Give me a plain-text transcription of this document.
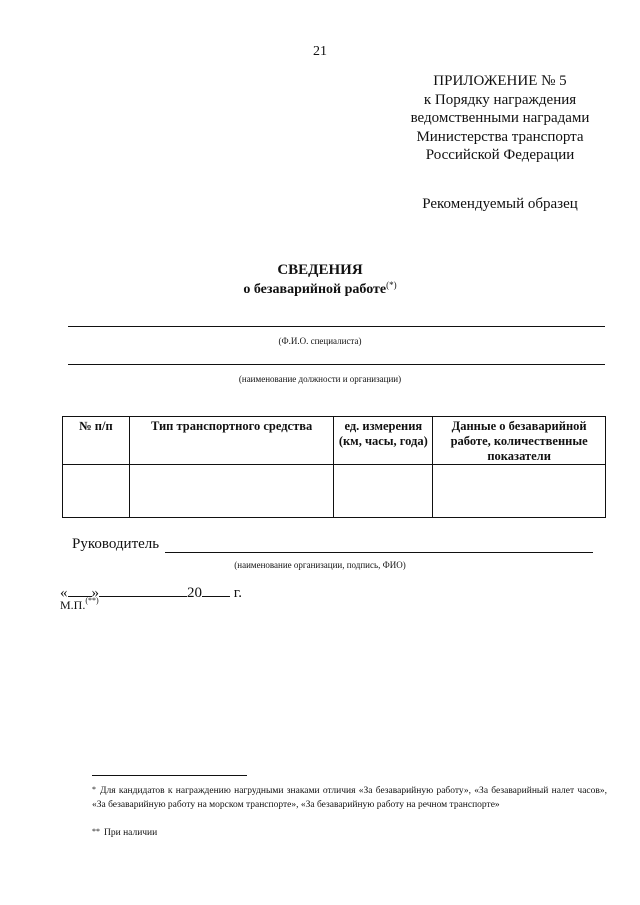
21
ПРИЛОЖЕНИЕ № 5
к Порядку награждения
ведомственными наградами
Министерства транспорта
Российской Федерации
Рекомендуемый образец
СВЕДЕНИЯ
о безаварийной работе(*)
(Ф.И.О. специалиста)
(наименование должности и организации)
№ п/п	Тип транспортного средства	ед. измерения (км, часы, года)	Данные о безаварийной работе, количественные показатели

Руководитель
(наименование организации, подпись, ФИО)
« »	20 г.
М.П.(**)
* Для кандидатов к награждению нагрудными знаками отличия «За безаварийную работу», «За безаварийный налет часов», «За безаварийную работу на морском транспорте», «За безаварийную работу на речном транспорте»
** При наличии
